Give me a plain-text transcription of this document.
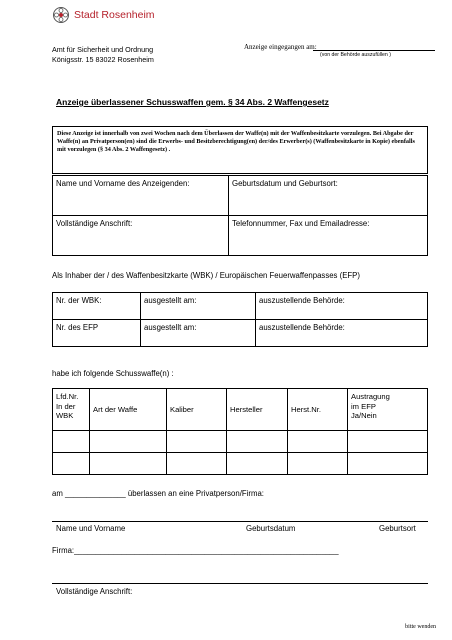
Stadt Rosenheim
Amt für Sicherheit und Ordnung
Königsstr. 15 83022 Rosenheim
Anzeige eingegangen am:
(von der Behörde auszufüllen )
Anzeige überlassener Schusswaffen gem. § 34 Abs. 2 Waffengesetz
Diese Anzeige ist innerhalb von zwei Wochen nach dem Überlassen der Waffe(n) mit der Waffenbesitzkarte vorzulegen. Bei Abgabe der Waffe(n) an Privatperson(en) sind die Erwerbs- und Besitzberechtigung(en) der/des Erwerber(s) (Waffenbesitzkarte in Kopie) ebenfalls mit vorzulegen (§ 34 Abs. 2 Waffengesetz) .
Name und Vorname des Anzeigenden:	Geburtsdatum und Geburtsort:
Vollständige Anschrift:	Telefonnummer, Fax und Emailadresse:
Als Inhaber der / des Waffenbesitzkarte (WBK) / Europäischen Feuerwaffenpasses (EFP)
Nr. der WBK:	ausgestellt am:	auszustellende Behörde:
Nr. des EFP	ausgestellt am:	auszustellende Behörde:
habe ich folgende Schusswaffe(n) :
Lfd.Nr.
In der
WBK	Art der Waffe	Kaliber	Hersteller	Herst.Nr.	Austragung
im EFP
Ja/Nein

am ______________ überlassen an eine Privatperson/Firma:
Name und Vorname	Geburtsdatum	Geburtsort
Firma:_____________________________________________________________
Vollständige Anschrift:
bitte wenden
